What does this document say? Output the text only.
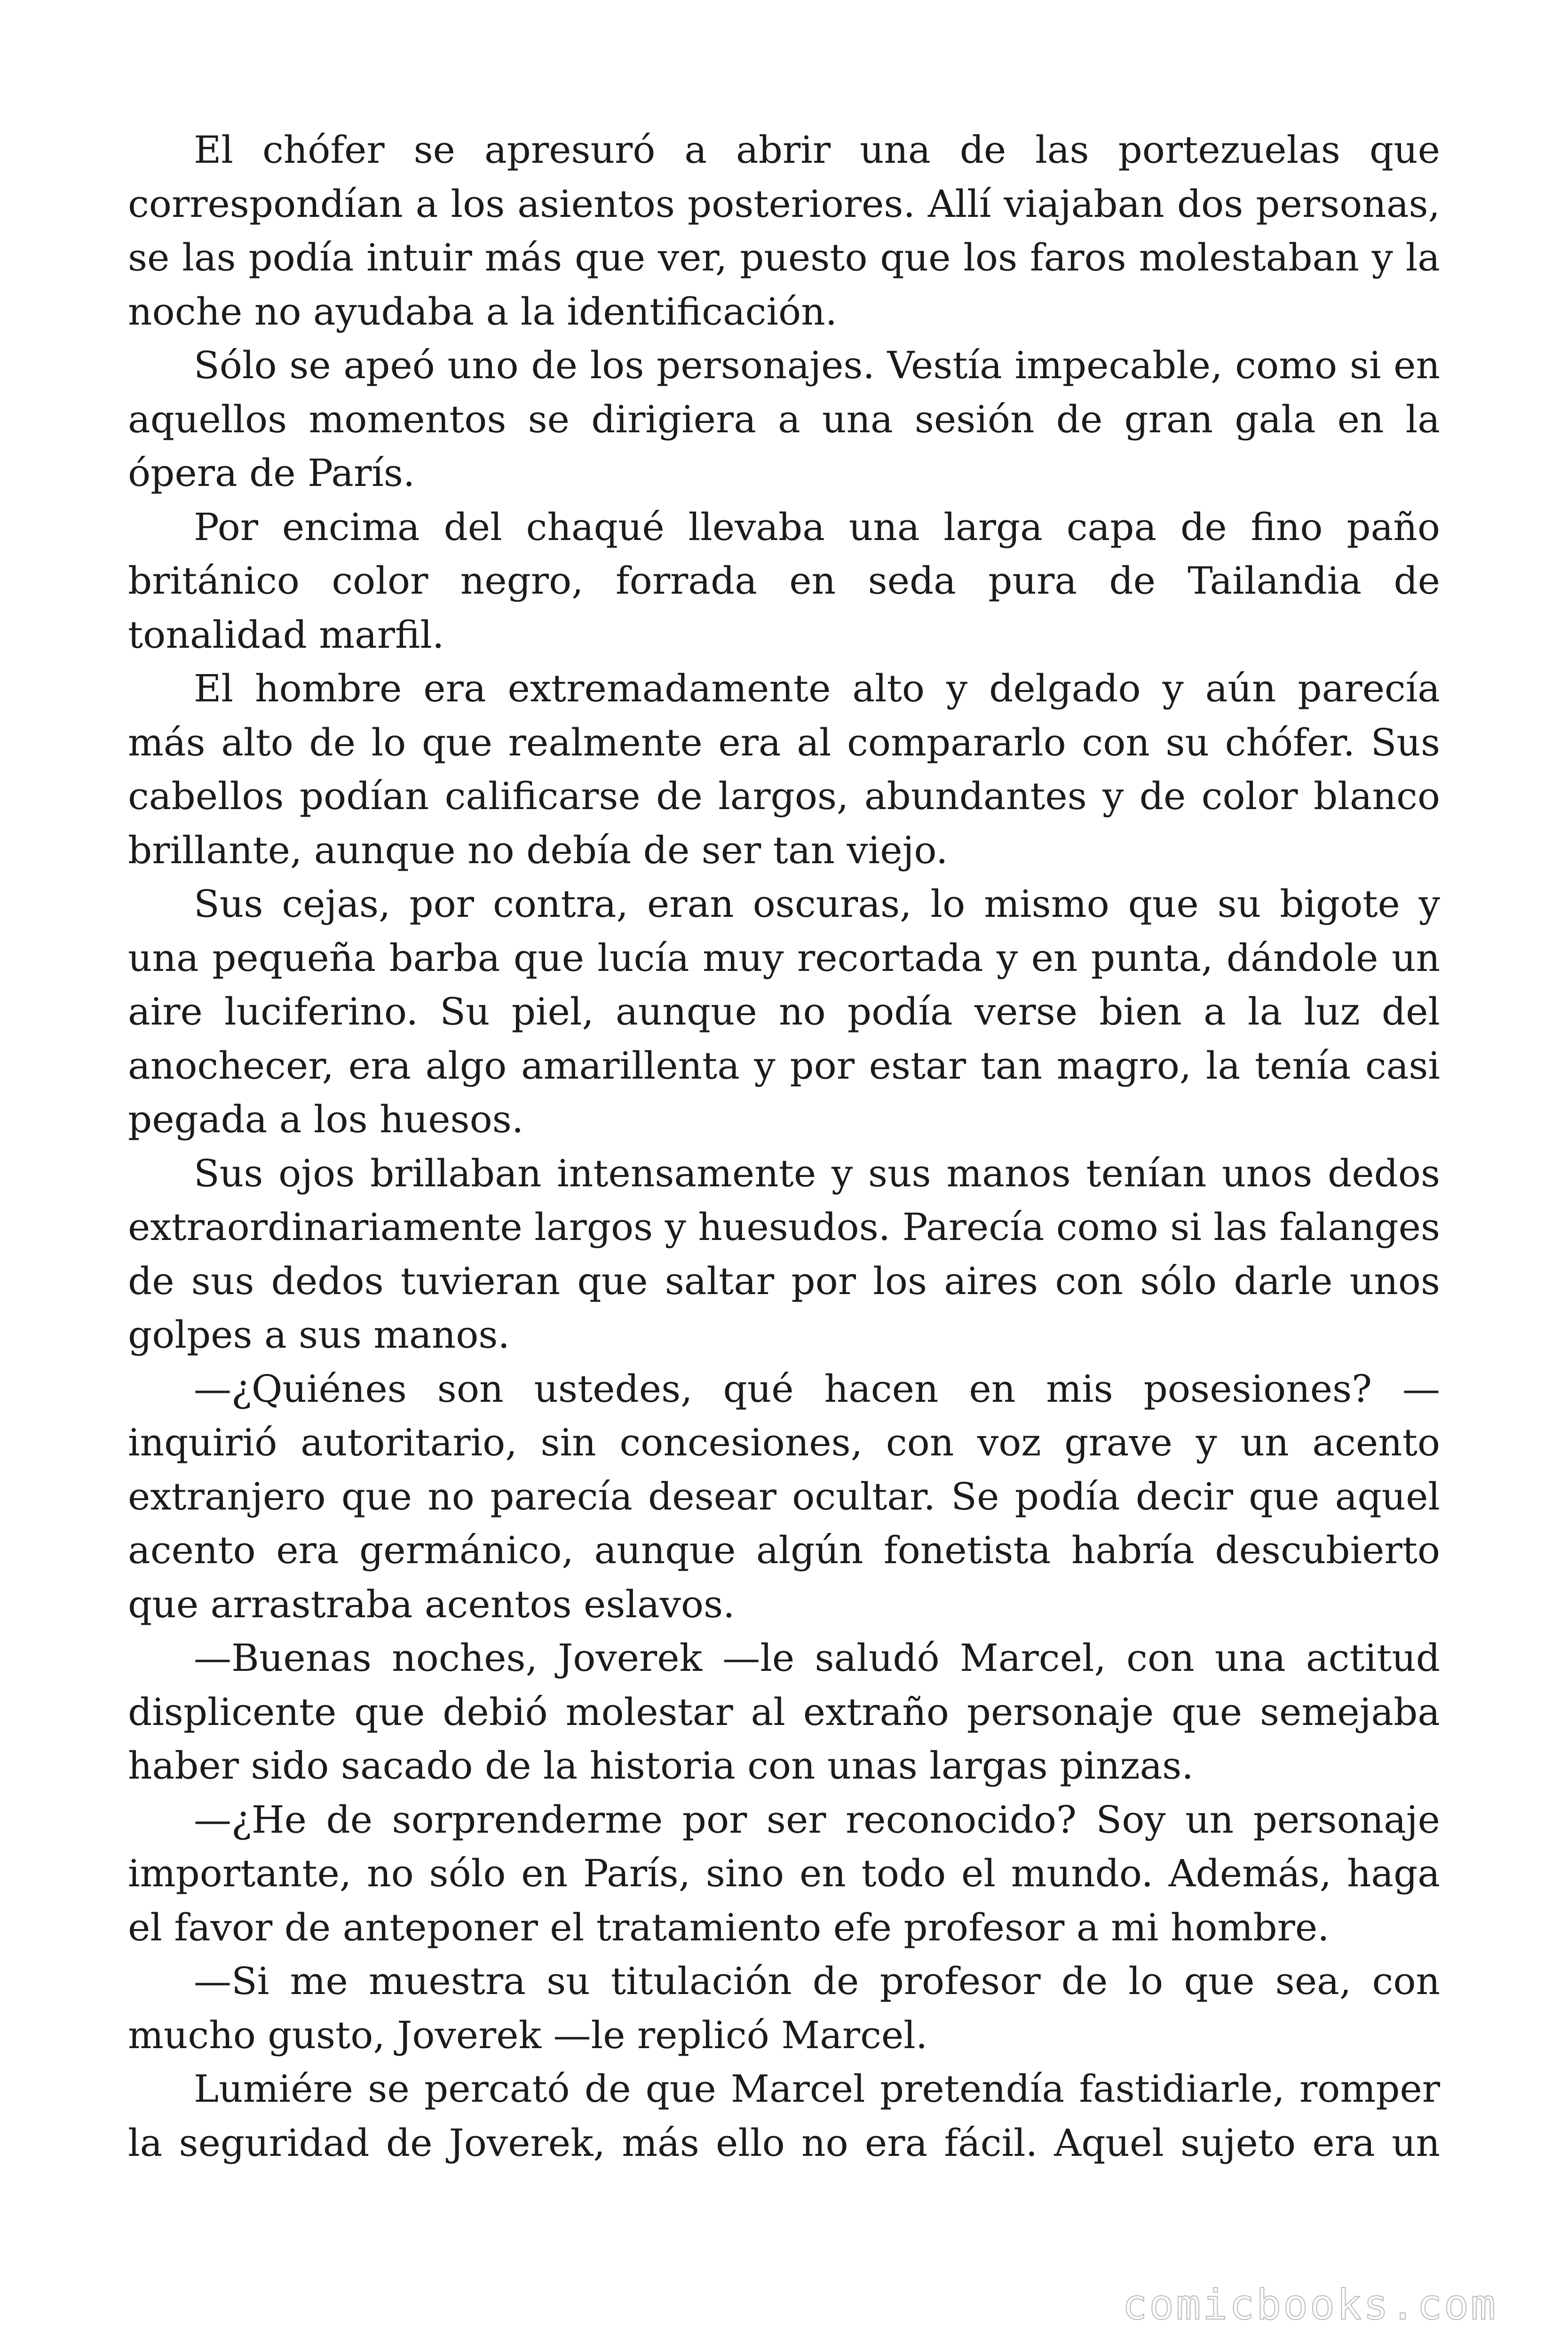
El chófer se apresuró a abrir una de las portezuelas que correspondían a los asientos posteriores. Allí viajaban dos personas, se las podía intuir más que ver, puesto que los faros molestaban y la noche no ayudaba a la identificación.

Sólo se apeó uno de los personajes. Vestía impecable, como si en aquellos momentos se dirigiera a una sesión de gran gala en la ópera de París.

Por encima del chaqué llevaba una larga capa de fino paño británico color negro, forrada en seda pura de Tailandia de tonalidad marfil.

El hombre era extremadamente alto y delgado y aún parecía más alto de lo que realmente era al compararlo con su chófer. Sus cabellos podían calificarse de largos, abundantes y de color blanco brillante, aunque no debía de ser tan viejo.

Sus cejas, por contra, eran oscuras, lo mismo que su bigote y una pequeña barba que lucía muy recortada y en punta, dándole un aire luciferino. Su piel, aunque no podía verse bien a la luz del anochecer, era algo amarillenta y por estar tan magro, la tenía casi pegada a los huesos.

Sus ojos brillaban intensamente y sus manos tenían unos dedos extraordinariamente largos y huesudos. Parecía como si las falanges de sus dedos tuvieran que saltar por los aires con sólo darle unos golpes a sus manos.

—¿Quiénes son ustedes, qué hacen en mis posesiones? —inquirió autoritario, sin concesiones, con voz grave y un acento extranjero que no parecía desear ocultar. Se podía decir que aquel acento era germánico, aunque algún fonetista habría descubierto que arrastraba acentos eslavos.

—Buenas noches, Joverek —le saludó Marcel, con una actitud displicente que debió molestar al extraño personaje que semejaba haber sido sacado de la historia con unas largas pinzas.

—¿He de sorprenderme por ser reconocido? Soy un personaje importante, no sólo en París, sino en todo el mundo. Además, haga el favor de anteponer el tratamiento efe profesor a mi hombre.

—Si me muestra su titulación de profesor de lo que sea, con mucho gusto, Joverek —le replicó Marcel.

Lumiére se percató de que Marcel pretendía fastidiarle, romper la seguridad de Joverek, más ello no era fácil. Aquel sujeto era un

comicbooks.com
